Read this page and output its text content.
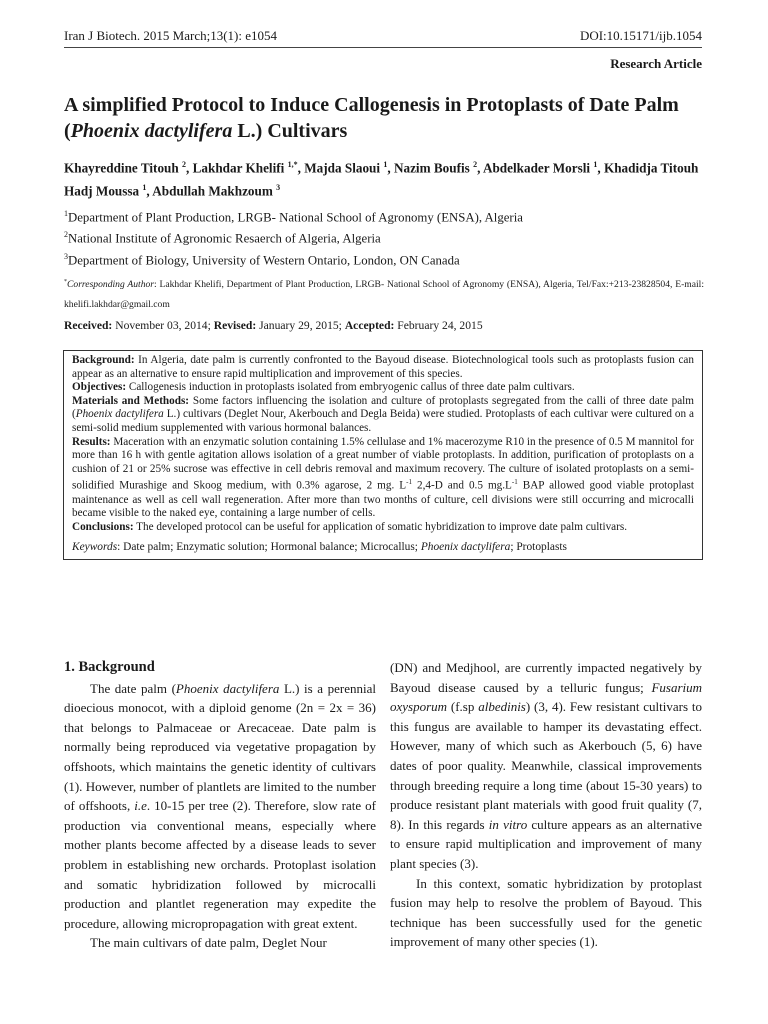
Iran J Biotech. 2015 March;13(1): e1054	DOI:10.15171/ijb.1054
Research Article
A simplified Protocol to Induce Callogenesis in Protoplasts of Date Palm (Phoenix dactylifera L.) Cultivars

Khayreddine Titouh $^2$, Lakhdar Khelifi $^{1,*}$, Majda Slaoui $^1$, Nazim Boufis $^2$, Abdelkader Morsli $^1$, Khadidja Titouh Hadj Moussa $^1$, Abdullah Makhzoum $^3$

$^1$Department of Plant Production, LRGB- National School of Agronomy (ENSA), Algeria
$^2$National Institute of Agronomic Resaerch of Algeria, Algeria
$^3$Department of Biology, University of Western Ontario, London, ON Canada
*Corresponding Author: Lakhdar Khelifi, Department of Plant Production, LRGB- National School of Agronomy (ENSA), Algeria, Tel/Fax:+213-23828504, E-mail: khelifi.lakhdar@gmail.com
Received: November 03, 2014; Revised: January 29, 2015; Accepted: February 24, 2015

Background: In Algeria, date palm is currently confronted to the Bayoud disease. Biotechnological tools such as protoplasts fusion can appear as an alternative to ensure rapid multiplication and improvement of this species.

Objectives: Callogenesis induction in protoplasts isolated from embryogenic callus of three date palm cultivars.

Materials and Methods: Some factors influencing the isolation and culture of protoplasts segregated from the calli of three date palm (Phoenix dactylifera L.) cultivars (Deglet Nour, Akerbouch and Degla Beida) were studied. Protoplasts of each cultivar were cultured on a semi-solid medium supplemented with various hormonal balances.

Results: Maceration with an enzymatic solution containing 1.5% cellulase and 1% macerozyme R10 in the presence of 0.5 M mannitol for more than 16 h with gentle agitation allows isolation of a great number of viable protoplasts. In addition, purification of protoplasts on a cushion of 21 or 25% sucrose was effective in cell debris removal and maximum recovery. The culture of isolated protoplasts on a semi-solidified Murashige and Skoog medium, with 0.3% agarose, 2 mg. $L^{-1}$ 2,4-D and 0.5 $mg.L^{-1}$ BAP allowed good viable protoplast maintenance as well as cell wall regeneration. After more than two months of culture, cell divisions were still occurring and microcalli became visible to the naked eye, containing a large number of cells.

Conclusions: The developed protocol can be useful for application of somatic hybridization to improve date palm cultivars.

Keywords: Date palm; Enzymatic solution; Hormonal balance; Microcallus; Phoenix dactylifera; Protoplasts

1. Background

The date palm (Phoenix dactylifera L.) is a perennial dioecious monocot, with a diploid genome (2n = 2x = 36) that belongs to Palmaceae or Arecaceae. Date palm is normally being reproduced via vegetative propagation by offshoots, which maintains the genetic identity of cultivars (1). However, number of plantlets are limited to the number of offshoots, i.e. 10-15 per tree (2). Therefore, slow rate of production via conventional means, especially where mother plants become affected by a disease leads to sever problem in establishing new orchards. Protoplast isolation and somatic hybridization followed by microcalli production and plantlet regeneration may expedite the procedure, allowing micropropagation with great extent.

The main cultivars of date palm, Deglet Nour

(DN) and Medjhool, are currently impacted negatively by Bayoud disease caused by a telluric fungus; Fusarium oxysporum (f.sp albedinis) (3, 4). Few resistant cultivars to this fungus are available to hamper its devastating effect. However, many of which such as Akerbouch (5, 6) have dates of poor quality. Meanwhile, classical improvements through breeding require a long time (about 15-30 years) to produce resistant plant materials with good fruit quality (7, 8). In this regards in vitro culture appears as an alternative to ensure rapid multiplication and improvement of many plant species (3).

In this context, somatic hybridization by protoplast fusion may help to resolve the problem of Bayoud. This technique has been successfully used for the genetic improvement of many other species (1).
